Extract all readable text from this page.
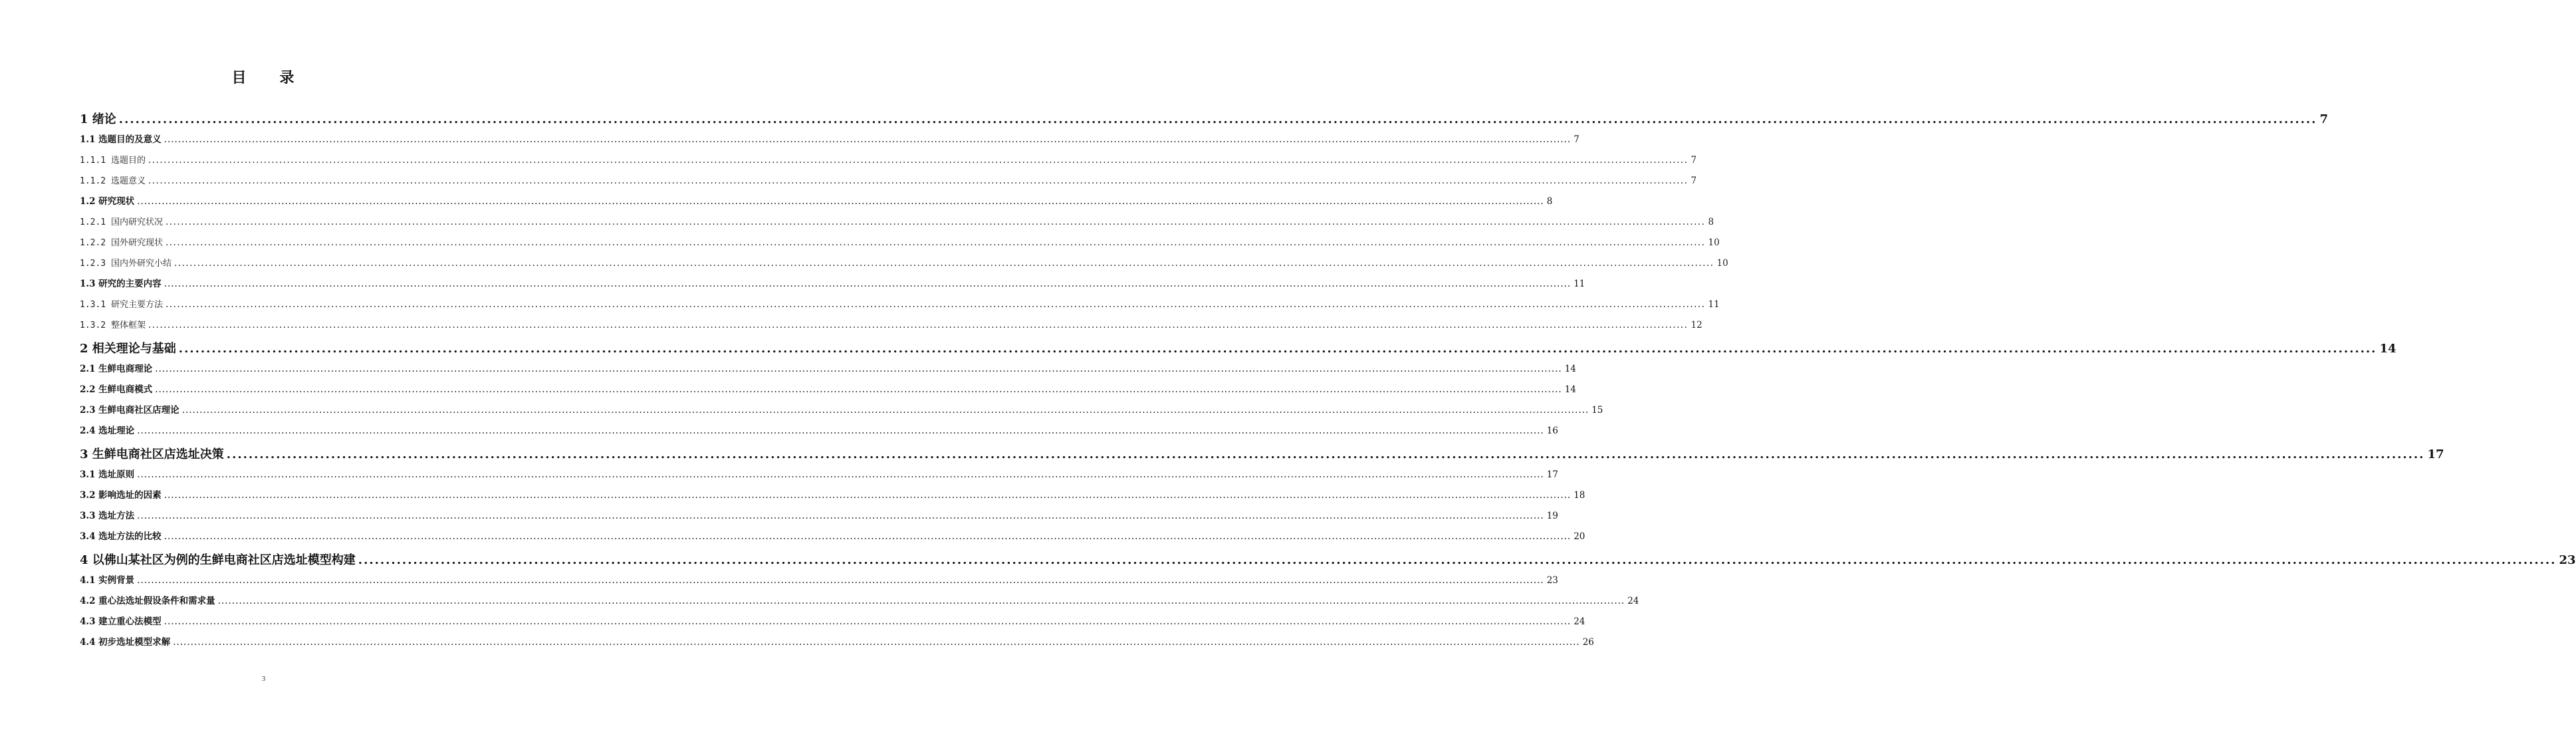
目 录
1 绪论 ................................................................................................................................................................................................................................................................................................................................................................................................................ 7
1.1 选题目的及意义 ................................................................................................................................................................................................................................................................................................................................................................................................................ 7
1.1.1 选题目的 ................................................................................................................................................................................................................................................................................................................................................................................................................ 7
1.1.2 选题意义 ................................................................................................................................................................................................................................................................................................................................................................................................................ 7
1.2 研究现状 ................................................................................................................................................................................................................................................................................................................................................................................................................ 8
1.2.1 国内研究状况 ................................................................................................................................................................................................................................................................................................................................................................................................................ 8
1.2.2 国外研究现状 ................................................................................................................................................................................................................................................................................................................................................................................................................ 10
1.2.3 国内外研究小结 ................................................................................................................................................................................................................................................................................................................................................................................................................ 10
1.3 研究的主要内容 ................................................................................................................................................................................................................................................................................................................................................................................................................ 11
1.3.1 研究主要方法 ................................................................................................................................................................................................................................................................................................................................................................................................................ 11
1.3.2 整体框架 ................................................................................................................................................................................................................................................................................................................................................................................................................ 12
2 相关理论与基础 ................................................................................................................................................................................................................................................................................................................................................................................................................ 14
2.1 生鲜电商理论 ................................................................................................................................................................................................................................................................................................................................................................................................................ 14
2.2 生鲜电商模式 ................................................................................................................................................................................................................................................................................................................................................................................................................ 14
2.3 生鲜电商社区店理论 ................................................................................................................................................................................................................................................................................................................................................................................................................ 15
2.4 选址理论 ................................................................................................................................................................................................................................................................................................................................................................................................................ 16
3 生鲜电商社区店选址决策 ................................................................................................................................................................................................................................................................................................................................................................................................................ 17
3.1 选址原则 ................................................................................................................................................................................................................................................................................................................................................................................................................ 17
3.2 影响选址的因素 ................................................................................................................................................................................................................................................................................................................................................................................................................ 18
3.3 选址方法 ................................................................................................................................................................................................................................................................................................................................................................................................................ 19
3.4 选址方法的比较 ................................................................................................................................................................................................................................................................................................................................................................................................................ 20
4 以佛山某社区为例的生鲜电商社区店选址模型构建 ................................................................................................................................................................................................................................................................................................................................................................................................................ 23
4.1 实例背景 ................................................................................................................................................................................................................................................................................................................................................................................................................ 23
4.2 重心法选址假设条件和需求量 ................................................................................................................................................................................................................................................................................................................................................................................................................ 24
4.3 建立重心法模型 ................................................................................................................................................................................................................................................................................................................................................................................................................ 24
4.4 初步选址模型求解 ................................................................................................................................................................................................................................................................................................................................................................................................................ 26
3
